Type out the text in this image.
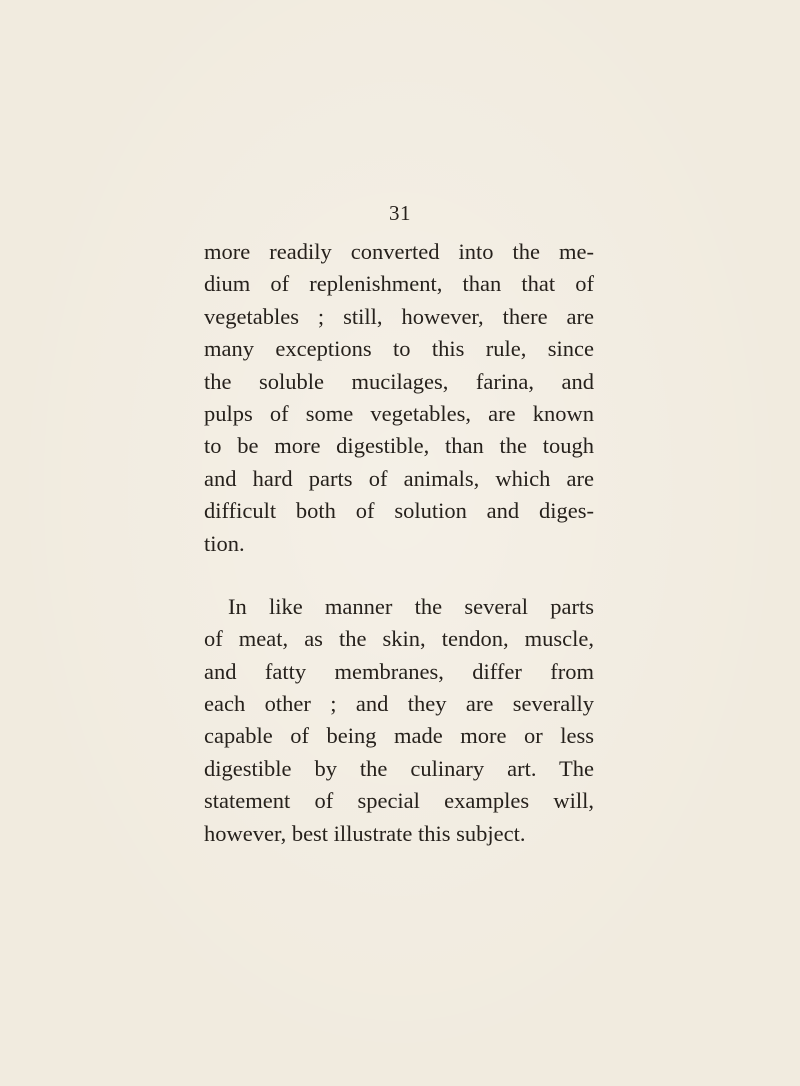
31
more readily converted into the me-
dium of replenishment, than that of
vegetables ; still, however, there are
many exceptions to this rule, since
the soluble mucilages, farina, and
pulps of some vegetables, are known
to be more digestible, than the tough
and hard parts of animals, which are
difficult both of solution and diges-
tion.
In like manner the several parts
of meat, as the skin, tendon, muscle,
and fatty membranes, differ from
each other ; and they are severally
capable of being made more or less
digestible by the culinary art. The
statement of special examples will,
however, best illustrate this subject.
